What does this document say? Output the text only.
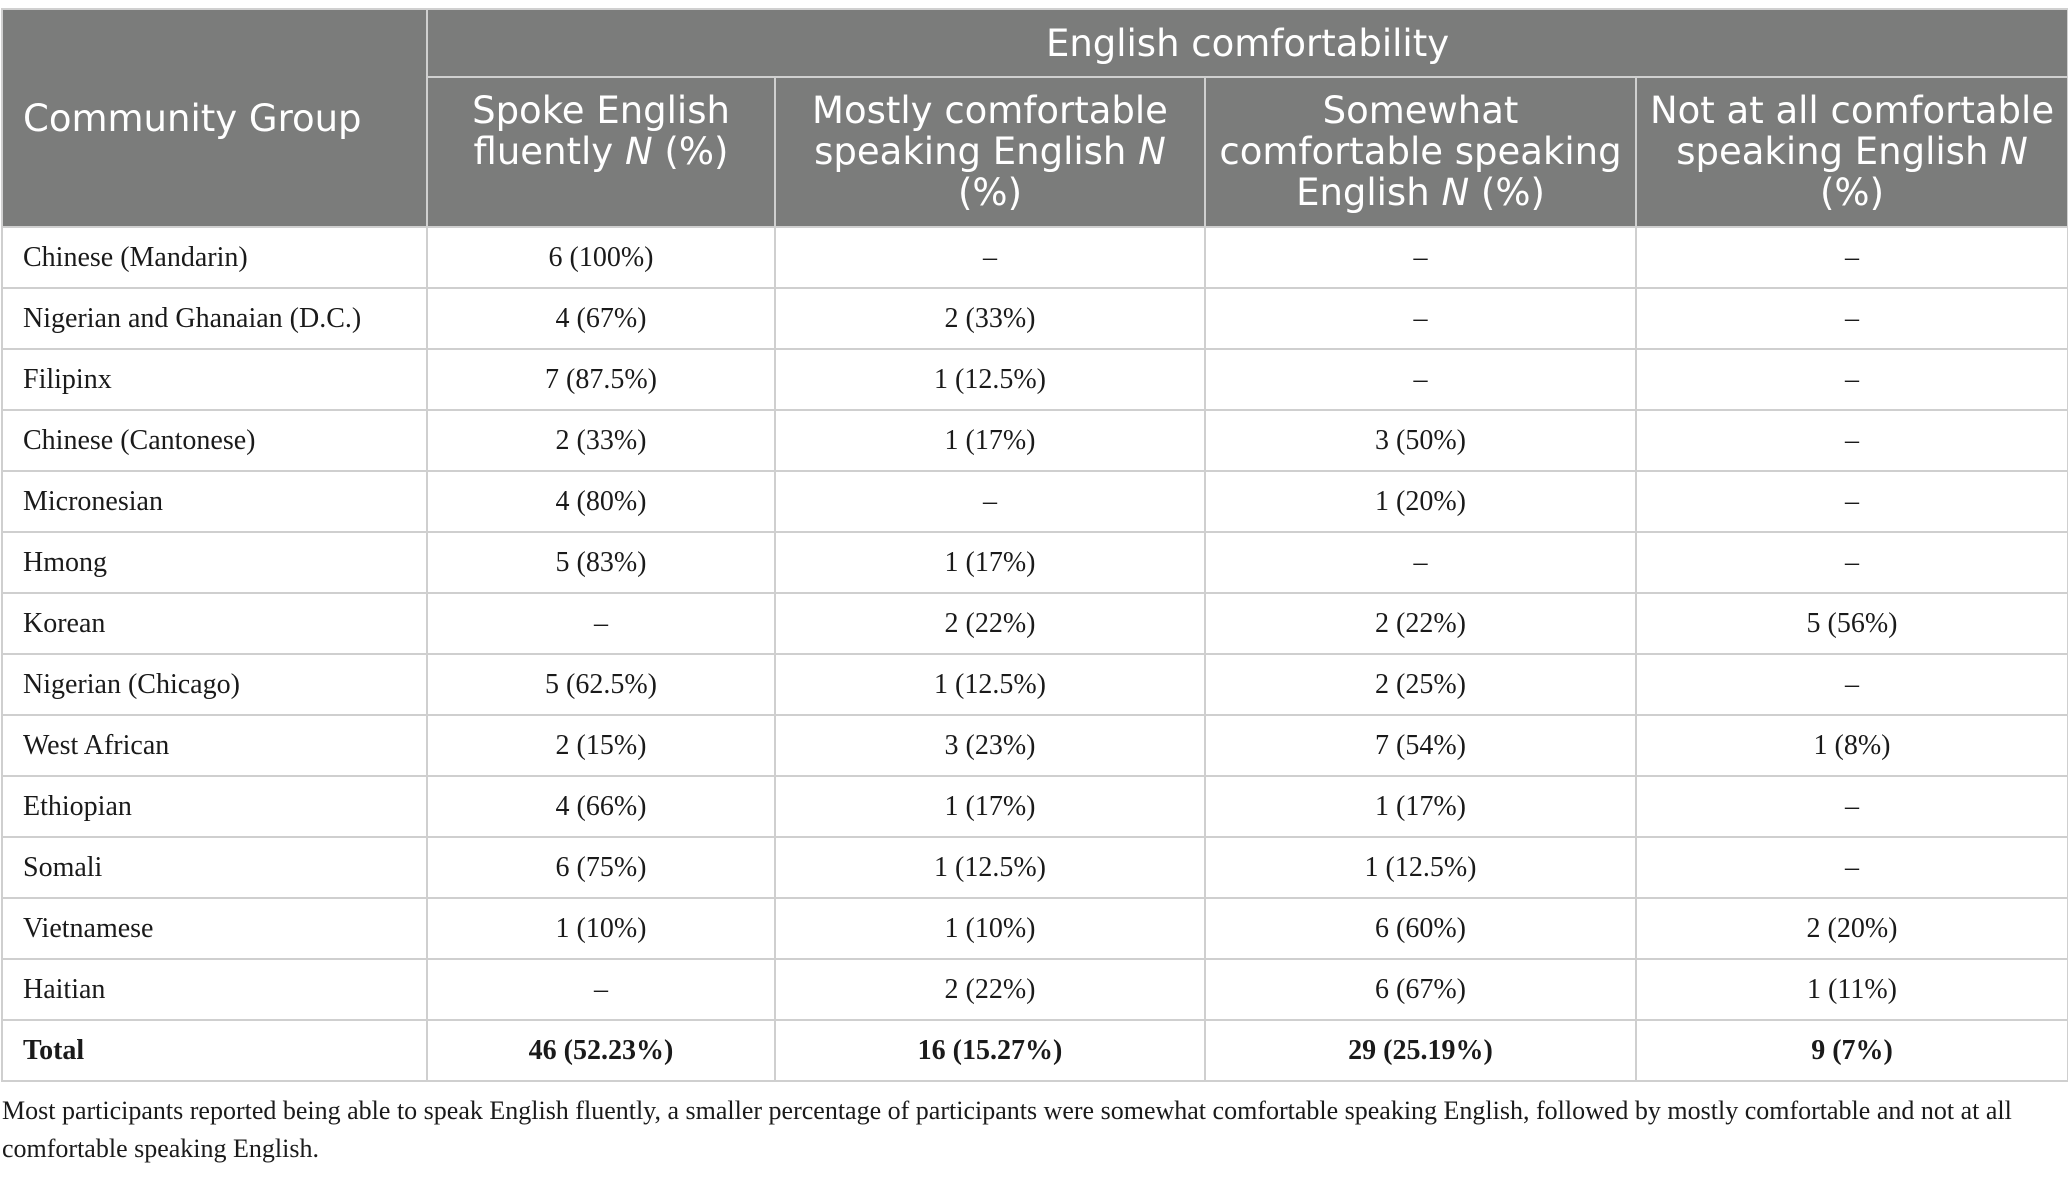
Community Group	English comfortability			
	Spoke English fluently N (%)	Mostly comfortable speaking English N (%)	Somewhat comfortable speaking English N (%)	Not at all comfortable speaking English N (%)
Chinese (Mandarin)	6 (100%)	–	–	–
Nigerian and Ghanaian (D.C.)	4 (67%)	2 (33%)	–	–
Filipinx	7 (87.5%)	1 (12.5%)	–	–
Chinese (Cantonese)	2 (33%)	1 (17%)	3 (50%)	–
Micronesian	4 (80%)	–	1 (20%)	–
Hmong	5 (83%)	1 (17%)	–	–
Korean	–	2 (22%)	2 (22%)	5 (56%)
Nigerian (Chicago)	5 (62.5%)	1 (12.5%)	2 (25%)	–
West African	2 (15%)	3 (23%)	7 (54%)	1 (8%)
Ethiopian	4 (66%)	1 (17%)	1 (17%)	–
Somali	6 (75%)	1 (12.5%)	1 (12.5%)	–
Vietnamese	1 (10%)	1 (10%)	6 (60%)	2 (20%)
Haitian	–	2 (22%)	6 (67%)	1 (11%)
Total	46 (52.23%)	16 (15.27%)	29 (25.19%)	9 (7%)

Most participants reported being able to speak English fluently, a smaller percentage of participants were somewhat comfortable speaking English, followed by mostly comfortable and not at all comfortable speaking English.
